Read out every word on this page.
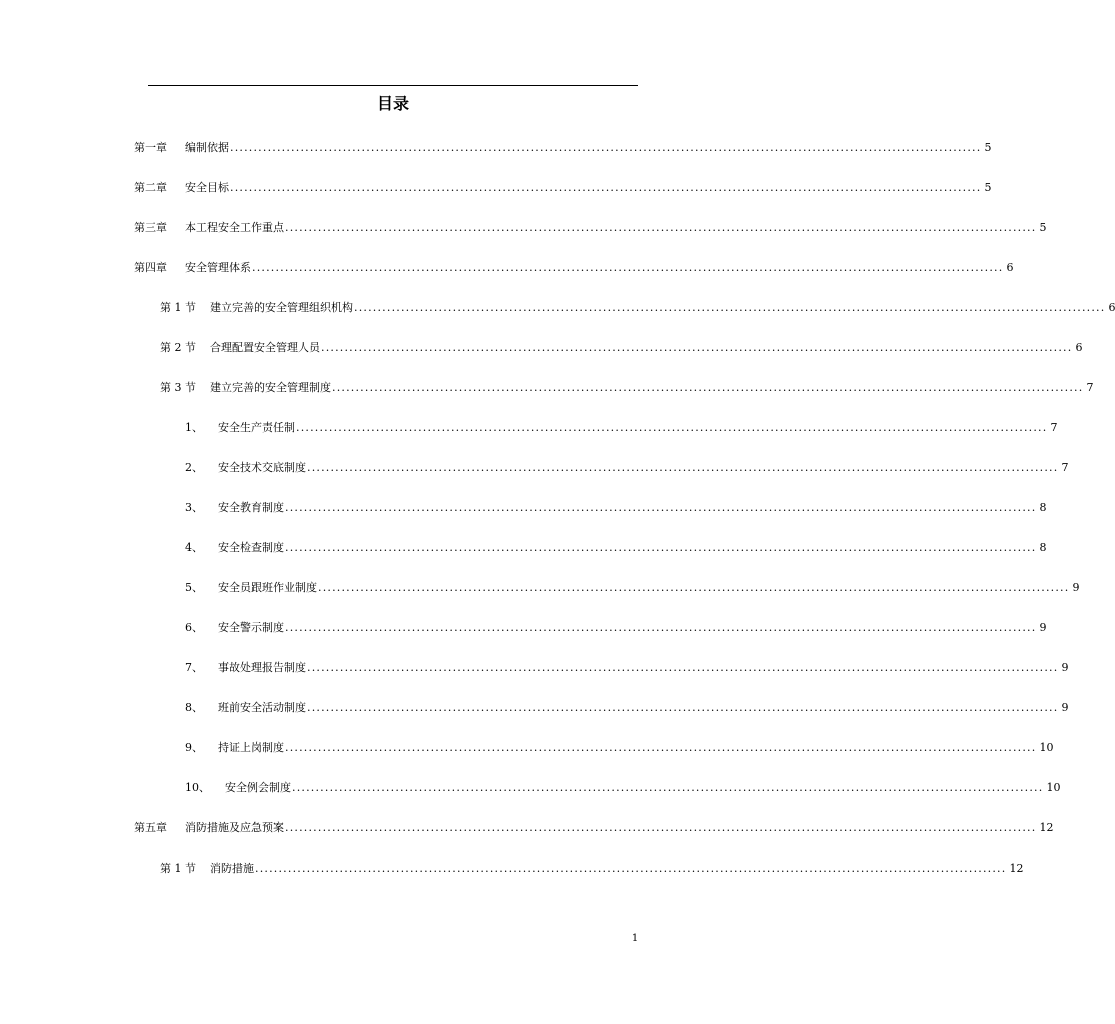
目录
第一章	编制依据 ................................................................................................................................................................ 5
第二章	安全目标 ................................................................................................................................................................ 5
第三章	本工程安全工作重点 ................................................................................................................................................................ 5
第四章	安全管理体系 ................................................................................................................................................................ 6
第 1 节	建立完善的安全管理组织机构 ................................................................................................................................................................ 6
第 2 节	合理配置安全管理人员 ................................................................................................................................................................ 6
第 3 节	建立完善的安全管理制度 ................................................................................................................................................................ 7
1、	安全生产责任制 ................................................................................................................................................................ 7
2、	安全技术交底制度 ................................................................................................................................................................ 7
3、	安全教育制度 ................................................................................................................................................................ 8
4、	安全检查制度 ................................................................................................................................................................ 8
5、	安全员跟班作业制度 ................................................................................................................................................................ 9
6、	安全警示制度 ................................................................................................................................................................ 9
7、	事故处理报告制度 ................................................................................................................................................................ 9
8、	班前安全活动制度 ................................................................................................................................................................ 9
9、	持证上岗制度 ................................................................................................................................................................ 10
10、	安全例会制度 ................................................................................................................................................................ 10
第五章	消防措施及应急预案 ................................................................................................................................................................ 12
第 1 节	消防措施 ................................................................................................................................................................ 12
1
